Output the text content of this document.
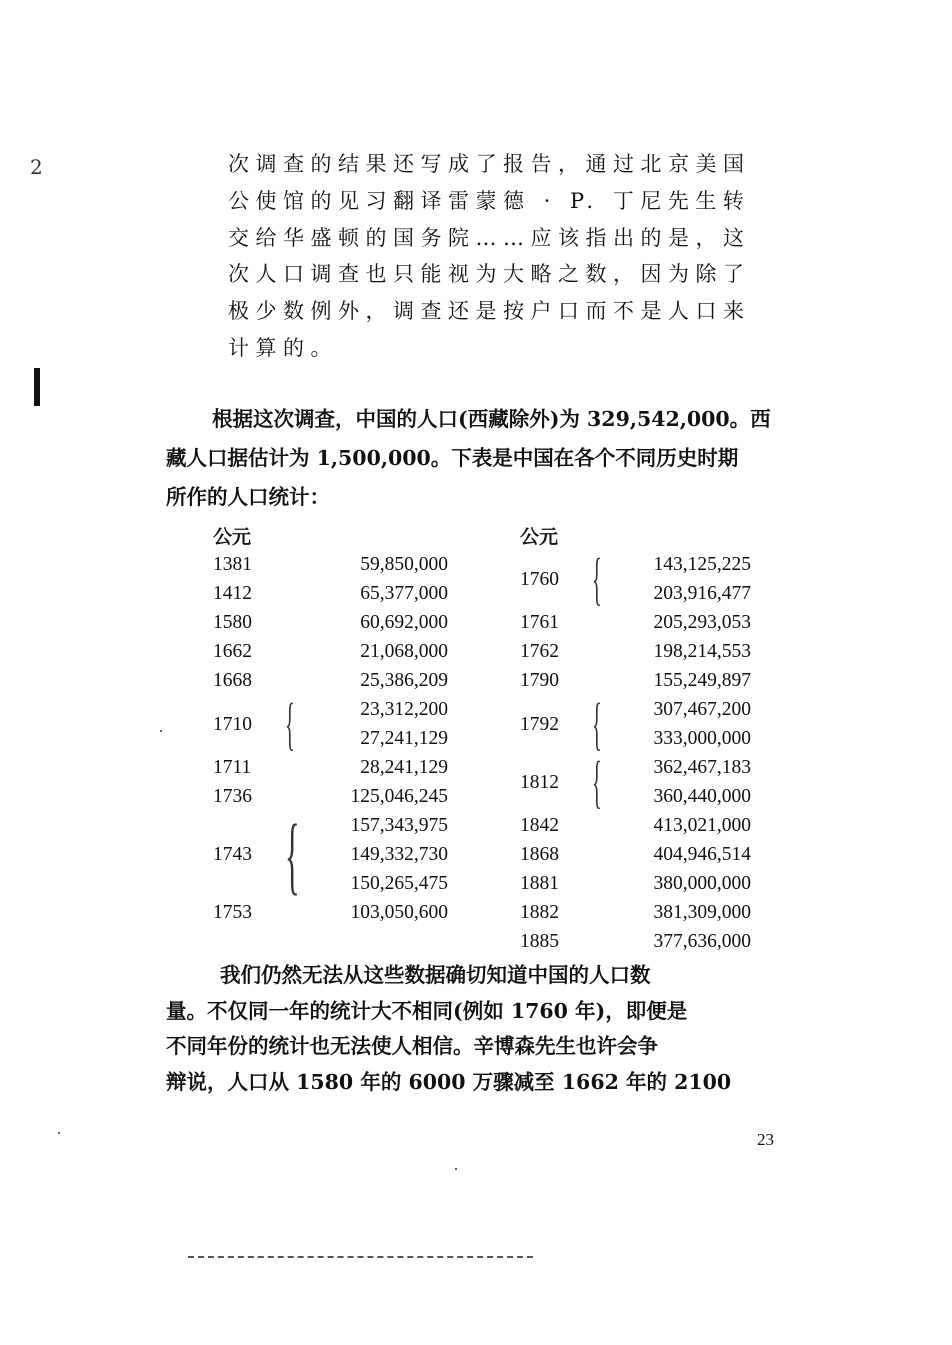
2	次调查的结果还写成了报告，通过北京美国

公使馆的见习翻译雷蒙德 · P. 丁尼先生转

交给华盛顿的国务院……应该指出的是，这

次人口调查也只能视为大略之数，因为除了

极少数例外，调查还是按户口而不是人口来

计算的。

根据这次调查，中国的人口(西藏除外)为 329,542,000。西

藏人口据估计为 1,500,000。下表是中国在各个不同历史时期

所作的人口统计：

公元
1381	59,850,000
1412	65,377,000
1580	60,692,000
1662	21,068,000
1668	25,386,209
1710 {	23,312,200
27,241,129
1711	28,241,129
1736	125,046,245
1743 {	157,343,975
149,332,730
150,265,475
1753	103,050,600
公元
1760 {	143,125,225
203,916,477
1761	205,293,053
1762	198,214,553
1790	155,249,897
1792 {	307,467,200
333,000,000
1812 {	362,467,183
360,440,000
1842	413,021,000
1868	404,946,514
1881	380,000,000
1882	381,309,000
1885	377,636,000

我们仍然无法从这些数据确切知道中国的人口数

量。不仅同一年的统计大不相同(例如 1760 年)，即便是

不同年份的统计也无法使人相信。辛博森先生也许会争

辩说，人口从 1580 年的 6000 万骤减至 1662 年的 2100

23
